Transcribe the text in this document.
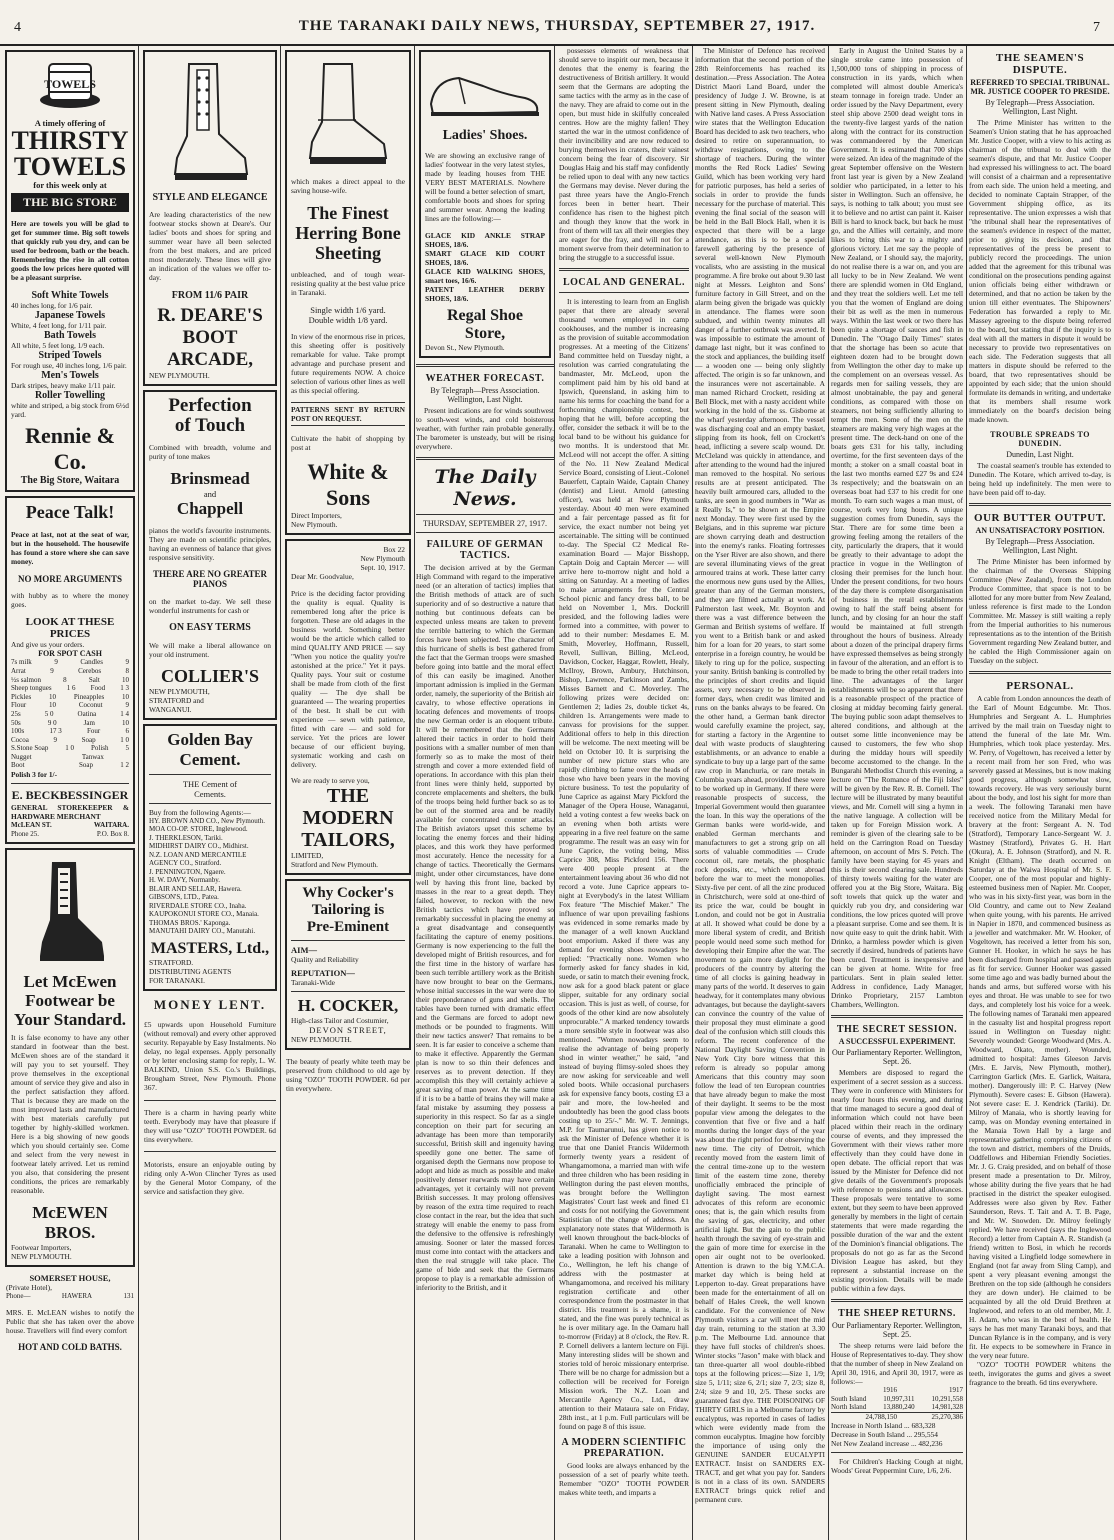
4	THE TARANAKI DAILY NEWS, THURSDAY, SEPTEMBER 27, 1917.	7
TOWELS
A timely offering of
THIRSTY
TOWELS
for this week only at
THE BIG STORE

Here are towels you will be glad to get for summer time. Big soft towels that quickly rub you dry, and can be used for bedroom, bath or the beach. Remembering the rise in all cotton goods the low prices here quoted will be a pleasant surprise.

Soft White Towels
40 inches long, for 1/6 pair.
Japanese Towels
White, 4 feet long, for 1/11 pair.
Bath Towels
All white, 5 feet long, 1/9 each.
Striped Towels
For rough use, 40 inches long, 1/6 pair.
Men's Towels
Dark stripes, heavy make 1/11 pair.
Roller Towelling
white and striped, a big stock from 6½d yard.
Rennie & Co.
The Big Store, Waitara
Peace Talk!

Peace at last, not at the seat of war, but in the household. The housewife has found a store where she can save money.

NO MORE ARGUMENTS

with hubby as to where the money goes.

LOOK AT THESE PRICES
And give us your orders.
FOR SPOT CASH
7s milk	9	Candles	9
Arrat	9	Cerebos	8
½s salmon	8	Salt	10
Sheep tongues 1 6 Food 1 3
Pickles	10	Pineapples	10
Flour	10	Coconut	9
25s	5 0	Oatina	1 4
50s	9 0	Jam	10
100s	17 3	Four	6
Cocoa	9	Soap	1 0
S.Stone Soap 1 0 Polish 5
Nugget	Tanwax
Boot	Soap	1 2
Polish 3 for 1/-
E. BECKBESSINGER
GENERAL STOREKEEPER & HARDWARE MERCHANT
McLEAN ST.	WAITARA.
Phone 25.	P.O. Box 8.
Let McEwen
Footwear be
Your Standard.

It is false economy to have any other standard in footwear than the best. McEwen shoes are of the standard it will pay you to set yourself. They prove themselves in the exceptional amount of service they give and also in the perfect satisfaction they afford. That is because they are made on the most improved lasts and manufactured with best materials carefully put together by highly-skilled workmen. Here is a big showing of new goods which you should certainly see. Come and select from the very newest in footwear lately arrived. Let us remind you also, that considering the present conditions, the prices are remarkably reasonable.

McEWEN BROS.
Footwear Importers,
NEW PLYMOUTH.
SOMERSET HOUSE,
(Private Hotel),
Phone—	HAWERA	131

MRS. E. McLEAN wishes to notify the Public that she has taken over the above house. Travellers will find every comfort

HOT AND COLD BATHS.
STYLE AND ELEGANCE

Are leading characteristics of the new footwear stocks shown at Deare's. Our ladies' boots and shoes for spring and summer wear have all been selected from the best makers, and are priced most moderately. These lines will give an indication of the values we offer to-day.

FROM 11/6 PAIR
R. DEARE'S
BOOT
ARCADE,
NEW PLYMOUTH.
Perfection
of Touch

Combined with breadth, volume and purity of tone makes

Brinsmead
and
Chappell

pianos the world's favourite instruments. They are made on scientific principles, having an evenness of balance that gives responsive sensitivity.

THERE ARE NO GREATER PIANOS

on the market to-day. We sell these wonderful instruments for cash or

ON EASY TERMS

We will make a liberal allowance on your old instrument.

COLLIER'S
NEW PLYMOUTH,
STRATFORD and
WANGANUI.
Golden Bay
Cement.
THE Cement of
Cements.
Buy from the following Agents:—
HY. BROWN AND CO., New Plymouth.
MOA CO-OP. STORE, Inglewood.
J. THERKLESON, Tariki.
MIDHIRST DAIRY CO., Midhirst.
N.Z. LOAN AND MERCANTILE AGENCY CO., Stratford.
J. PENNINGTON, Ngaere.
H. W. DAVY, Normanby.
BLAIR AND SELLAR, Hawera.
GIBSON'S, LTD., Patea.
RIVERDALE STORE CO., Inaha.
KAUPOKONUI STORE CO., Manaia.
THOMAS BROS.' Kaponga.
MANUTAHI DAIRY CO., Manutahi.
MASTERS, Ltd.,
STRATFORD.
DISTRIBUTING AGENTS
FOR TARANAKI.
MONEY LENT.

£5 upwards upon Household Furniture (without removal) and every other approved security. Repayable by Easy Instalments. No delay, no legal expenses. Apply personally or by letter enclosing stamp for reply, L. W. BALKIND, Union S.S. Co.'s Buildings, Brougham Street, New Plymouth. Phone 367.

There is a charm in having pearly white teeth. Everybody may have that pleasure if they will use "OZO" TOOTH POWDER. 6d tins everywhere.

Motorists, ensure an enjoyable outing by riding only A-Won Clincher Tyres as used by the General Motor Company, of the service and satisfaction they give.

which makes a direct appeal to the saving house-wife.

The Finest
Herring Bone
Sheeting

unbleached, and of tough wear-resisting quality at the best value price in Taranaki.

Single width 1/6 yard.
Double width 1/8 yard.

In view of the enormous rise in prices, this sheeting offer is positively remarkable for value. Take prompt advantage and purchase present and future requirements NOW. A choice selection of various other lines as well as this special offering.

PATTERNS SENT BY RETURN POST ON REQUEST.

Cultivate the habit of shopping by post at

White & Sons
Direct Importers,
New Plymouth.
Box 22
New Plymouth
Sept. 10, 1917.
Dear Mr. Goodvalue,

Price is the deciding factor providing the quality is equal. Quality is remembered long after the price is forgotten. These are old adages in the business world. Something better would be the article which called to mind QUALITY AND PRICE — say "When you notice the quality you're astonished at the price." Yet it pays. Quality pays. Your suit or costume shall be made from cloth of the first quality — The dye shall be guaranteed — The wearing properties of the best. It shall be cut with experience — sewn with patience, fitted with care — and sold for service. Yet the prices are lower because of our efficient buying, systematic working and cash on delivery.

We are ready to serve you,
THE
MODERN
TAILORS,
LIMITED,
Stratford and New Plymouth.
Why Cocker's
Tailoring is
Pre-Eminent
AIM—
Quality and Reliability
REPUTATION—
Taranaki-Wide
H. COCKER,
High-class Tailor and Costumier,
DEVON STREET,
NEW PLYMOUTH.

The beauty of pearly white teeth may be preserved from childhood to old age by using "OZO" TOOTH POWDER. 6d per tin everywhere.

Ladies' Shoes.

We are showing an exclusive range of ladies' footwear in the very latest styles, made by leading houses from THE VERY BEST MATERIALS. Nowhere will be found a better selection of smart, comfortable boots and shoes for spring and summer wear. Among the leading lines are the following:—

GLACE KID ANKLE STRAP SHOES, 18/6.
SMART GLACE KID COURT SHOES, 18/6.
GLACE KID WALKING SHOES, smart toes, 16/6.
PATENT LEATHER DERBY SHOES, 18/6.
Regal Shoe Store,
Devon St., New Plymouth.
WEATHER FORECAST.
By Telegraph—Press Association. Wellington, Last Night.

Present indications are for winds southwest to south-west winds, and cold boisterous weather, with further rain probable generally. The barometer is unsteady, but will be rising everywhere.

The Daily News.
THURSDAY, SEPTEMBER 27, 1917.
FAILURE OF GERMAN TACTICS.

The decision arrived at by the German High Command with regard to the imperative need (or an alteration of tactics) implies that the British methods of attack are of such superiority and of so destructive a nature that nothing but continuous defeats can be expected unless means are taken to prevent the terrible battering to which the German forces have been subjected. The character of this hurricane of shells is best gathered from the fact that the German troops were smashed before going into battle and the moral effect of this can easily be imagined. Another important admission is implied in the German order, namely, the superiority of the British air cavalry, to whose effective operations in locating defences and movements of troops the new German order is an eloquent tribute. It will be remembered that the Germans altered their tactics in order to hold their positions with a smaller number of men than formerly so as to make the most of their strength and cover a more extended field of operations. In accordance with this plan their front lines were thinly held, supported by concrete emplacements and shelters, the bulk of the troops being held further back so as to be out of the stormed area and be readily available for concentrated counter attacks. The British aviators upset this scheme by locating the enemy forces and their hiding places, and this work they have performed most accurately. Hence the necessity for a change of tactics. Theoretically the Germans might, under other circumstances, have done well by having this front line, backed by masses in the rear to a great depth. They failed, however, to reckon with the new British tactics which have proved so remarkably successful in placing the enemy at a great disadvantage and consequently facilitating the capture of enemy positions. Germany is now experiencing to the full the developed might of British resources, and for the first time in the history of warfare has been such terrible artillery work as the British have now brought to bear on the Germans, whose initial successes in the war were due to their preponderance of guns and shells. The tables have been turned with dramatic effect and the Germans are forced to adopt new methods or be pounded to fragments. Will their new tactics answer? That remains to be seen. It is far easier to conceive a scheme than to make it effective. Apparently the German plan is now to so thin their defences and reserves as to prevent detection. If they accomplish this they will certainly achieve a great saving of man power. At the same time if it is to be a battle of brains they will make a fatal mistake by assuming they possess a superiority in this respect. So far as a single conception on their part for securing an advantage has been more than temporarily successful, British skill and ingenuity having speedily gone one better. The same of organised depth the Germans now propose to adopt and hide as much as possible and make positively denser rearwards may have certain advantages, yet it certainly will not prevent British successes. It may prolong offensives by reason of the extra time required to reach close contact in the rear, but the idea that such strategy will enable the enemy to pass from the defensive to the offensive is refreshingly amusing. Sooner or later the massed forces must come into contact with the attackers and then the real struggle will take place. The game of bide and seek that the Germans propose to play is a remarkable admission of inferiority to the British, and it

possesses elements of weakness that should serve to inspirit our men, because it denotes that the enemy is fearing the destructiveness of British artillery. It would seem that the Germans are adopting the same tactics with the army as in the case of the navy. They are afraid to come out in the open, but must hide in skilfully concealed centres. How are the mighty fallen! They started the war in the utmost confidence of their invincibility and are now reduced to burying themselves in craters, their vainest concern being the fear of discovery. Sir Douglas Haig and his staff may confidently be relied upon to deal with any new tactics the Germans may devise. Never during the past three years have the Anglo-French forces been in better heart. Their confidence has risen to the highest pitch and though they know that the work in front of them will tax all their energies they are eager for the fray, and will not for a moment swerve from their determination to bring the struggle to a successful issue.

LOCAL AND GENERAL.

It is interesting to learn from an English paper that there are already several thousand women employed in camp cookhouses, and the number is increasing as the provision of suitable accommodation progresses. At a meeting of the Citizens' Band committee held on Tuesday night, a resolution was carried congratulating the bandmaster, Mr. McLeod, upon the compliment paid him by his old band at Ipswich, Queensland, in asking him to name his terms for coaching the band for a forthcoming championship contest, but hoping that he will, before accepting the offer, consider the setback it will be to the local band to be without his guidance for two months. It is understood that Mr. McLeod will not accept the offer. A sitting of the No. 11 New Zealand Medical Service Board, consisting of Lieut.-Colonel Bauerfett, Captain Waide, Captain Chaney (dentist) and Lieut. Arnold (attesting officer), was held at New Plymouth yesterday. About 40 men were examined and a fair percentage passed as fit for service, the exact number not being yet ascertainable. The sitting will be continued to-day. The Special C2 Medical Re-examination Board — Major Bisshopp, Captain Doig and Captain Mercer — will arrive here to-morrow night and hold a sitting on Saturday. At a meeting of ladies to make arrangements for the Central School picnic and fancy dress ball, to be held on November 1, Mrs. Dockrill presided, and the following ladies were formed into a committee, with power to add to their number: Mesdames E. M. Smith, Moverley, Hoffmann, Russell, Revell, Sullivan, Billing, McLeod, Davidson, Cocker, Haggar, Rowlett, Healy, McIlroy, Brown, Ambury, Hutchinson, Bishop, Lawrence, Parkinson and Zambs, Misses Barnett and C. Moverley. The following prizes were decided on: Gentlemen 2; ladies 2s, double ticket 4s, children 1s. Arrangements were made to canvass for provisions for the supper. Additional offers to help in this direction will be welcome. The next meeting will be held on October 10. It is surprising the number of new picture stars who are rapidly climbing to fame over the heads of those who have been years in the moving picture business. To test the popularity of June Caprice as against Mary Pickford the Manager of the Opera House, Wanaganui, held a voting contest a few weeks back on an evening when both artists were appearing in a five reel feature on the same programme. The result was an easy win for June Caprice, the voting being, Miss Caprice 308, Miss Pickford 156. There were 400 people present at the entertainment leaving about 36 who did not record a vote. June Caprice appears to-night at Everybody's in the latest William Fox feature "The Mischief Maker." The influence of war upon prevailing fashions was evidenced in some remarks made by the manager of a well known Auckland boot emporium. Asked if there was any demand for evening shoes nowadays he replied: "Practically none. Women who formerly asked for fancy shades in kid, suede, or satin to match their evening frock, now ask for a good black patent or glace slipper, suitable for any ordinary social occasion. This is just as well, of course, for goods of the other kind are now absolutely unprocurable." A marked tendency towards a more sensible style in footwear was also mentioned. "Women nowadays seem to realise the advantage of being properly shod in winter weather," he said, "and instead of buying flimsy-soled shoes they are now asking for serviceable and well soled boots. While occasional purchasers ask for expensive fancy boots, costing £3 a pair and more, the low-heeled and undoubtedly has been the good class boots costing up to 25/-." Mr. W. T. Jennings, M.P. for Taumarunui, has given notice to ask the Minister of Defence whether it is true that one Daniel Francis Wildermoth formerly twenty years a resident of Whangamomona, a married man with wife and three children who has been residing in Wellington during the past eleven months, was brought before the Wellington Magistrates' Court last week and fined £1 and costs for not notifying the Government Statistician of the change of address. An explanatory note states that Wildermoth is well known throughout the back-blocks of Taranaki. When he came to Wellington to take a leading position with Johnson and Co., Wellington, he left his change of address with the postmaster at Whangamomona, and received his military registration certificate and other correspondence from the postmaster in that district. His treatment is a shame, it is stated, and the fine was purely technical as he is over military age. In the Oamaru hall to-morrow (Friday) at 8 o'clock, the Rev. R. P. Cornell delivers a lantern lecture on Fiji. Many interesting slides will be shown and stories told of heroic missionary enterprise. There will be no charge for admission but a collection will be received for Foreign Mission work. The N.Z. Loan and Mercantile Agency Co., Ltd., draw attention to their Mataura sale on Friday, 28th inst., at 1 p.m. Full particulars will be found on page 8 of this issue.

A MODERN SCIENTIFIC PREPARATION.

Good looks are always enhanced by the possession of a set of pearly white teeth. Remember "OZO" TOOTH POWDER makes white teeth, and imparts a

The Minister of Defence has received information that the second portion of the 28th Reinforcements has reached its destination.—Press Association. The Aotea District Maori Land Board, under the presidency of Judge J. W. Browne, is at present sitting in New Plymouth, dealing with Native land cases. A Press Association wire states that the Wellington Education Board has decided to ask two teachers, who desired to retire on superannuation, to withdraw resignations, owing to the shortage of teachers. During the winter months the Red Rock Ladies' Sewing Guild, which has been working very hard for patriotic purposes, has held a series of socials in order to provide the funds necessary for the purchase of material. This evening the final social of the season will be held in the Ball Block Hall, when it is expected that there will be a large attendance, as this is to be a special farewell gathering by the presence of several well-known New Plymouth vocalists, who are assisting in the musical programme. A fire broke out about 9.30 last night at Messrs. Leighton and Sons' furniture factory in Gill Street, and on the alarm being given the brigade was quickly in attendance. The flames were soon subdued, and within twenty minutes all danger of a further outbreak was averted. It was impossible to estimate the amount of damage last night, but it was confined to the stock and appliances, the building itself — a wooden one — being only slightly affected. The origin is so far unknown, and the insurances were not ascertainable. A man named Richard Crockett, residing at Bell Block, met with a nasty accident while working in the hold of the ss. Gisborne at the wharf yesterday afternoon. The vessel was discharging coal and an empty basket, slipping from its hook, fell on Crockett's head, inflicting a severe scalp wound. Dr. McCleland was quickly in attendance, and after attending to the wound had the injured man removed to the hospital. No serious results are at present anticipated. The heavily built armoured cars, alluded to the tanks, are seen in good numbers in "War as it Really Is," to be shown at the Empire next Monday. They were first used by the Belgians, and in this supreme war picture are shown carrying death and destruction into the enemy's ranks. Floating fortresses on the Yser River are also shown, and there are several illuminating views of the great armoured trains at work. These latter carry the enormous new guns used by the Allies, greater than any of the German monsters, and they are filmed actually at work. At Palmerston last week, Mr. Boynton and there was a vast difference between the German and British systems of welfare. If you went to a British bank or and asked him for a loan for 20 years, to start some enterprise in a foreign country, he would be likely to ring up for the police, suspecting your sanity. British banking is controlled by the principles of short credits and liquid assets, very necessary to be observed in former days, when credit was limited and runs on the banks always to be feared. On the other hand, a German bank director would carefully examine the project, say, for starting a factory in the Argentine to deal with waste products of slaughtering establishments, or an advance to enable a syndicate to buy up a large part of the same raw crop in Manchuria, or rare metals in Columbia years ahead, provided these were to be worked up in Germany. If there were reasonable prospects of success, the Imperial Government would then guarantee the loan. In this way the operations of the German banks were world-wide, and enabled German merchants and manufacturers to get a strong grip on all sorts of valuable commodities — Crude coconut oil, rare metals, the phosphatic rock deposits, etc., which went abroad before the war to meet the monopolies. Sixty-five per cent. of all the zinc produced in Christchurch, were sold at one-third of its price the war, could be bought in London, and could not be got in Australia at all. It showed what could be done by a more liberal system of credit, and British people would need some such method for developing their Empire after the war. The movement to gain more daylight for the producers of the country by altering the time of all clocks is gaining headway in many parts of the world. It deserves to gain headway, for it contemplates many obvious advantages, but because the daylight-savers can convince the country of the value of their proposal they must eliminate a good deal of the confusion which still clouds this reform. The recent conference of the National Daylight Saving Convention in New York City bore witness that this reform is already so popular among Americans that this country may soon follow the lead of ten European countries that have already begun to make the most of their daylight. It seems to be the most popular view among the delegates to the convention that five or five and a half months during the longer days of the year was about the right period for observing the new time. The city of Detroit, which recently moved from the eastern limit of the central time-zone up to the western limit of the eastern time zone, thereby unofficially embraced the principle of daylight saving. The most earnest advocates of this reform are economic ones; that is, the gain which results from the saving of gas, electricity, and other artificial light. But the gain to the public health through the saving of eye-strain and the gain of more time for exercise in the open air ought not to be overlooked. Attention is drawn to the big Y.M.C.A. market day which is being held at Lepperton to-day. Great preparations have been made for the entertainment of all on behalf of Hales Creek, the well known candidate. For the convenience of New Plymouth visitors a car will meet the mid day train, returning to the station at 3.30 p.m. The Melbourne Ltd. announce that they have full stocks of children's shoes. Winter stocks "Jason" make with black and tan three-quarter all wool double-ribbed tops at the following prices:—Size 1, 1/9; size 5, 1/11; size 6, 2/1; size 7, 2/3; size 8, 2/4; size 9 and 10, 2/5. These socks are guaranteed fast dye. THE POISONING OF THIRTY GIRLS in a Melbourne factory by eucalyptus, was reported in cases of ladies which were evidently made from the common eucalyptus. Imagine how forcibly the importance of using only the GENUINE SANDER EUCALYPTI EXTRACT. Insist on SANDERS EX-TRACT, and get what you pay for. Sanders is not in a class of its own. SANDERS EXTRACT brings quick relief and permanent cure.

Early in August the United States by a single stroke came into possession of 1,500,000 tons of shipping in process of construction in its yards, which when completed will almost double America's steam tonnage in foreign trade. Under an order issued by the Navy Department, every steel ship above 2500 dead weight tons in the twenty-five largest yards of the nation along with the contract for its construction was commandeered by the American Government. It is estimated that 700 ships were seized. An idea of the magnitude of the great September offensive on the Western front last year is given by a New Zealand soldier who participated, in a letter to his sister in Wellington. Such an offensive, he says, is nothing to talk about; you must see it to believe and no artist can paint it. Kaiser Bill is hard to knock back, but back he must go, and the Allies will certainly, and more likes to bring this war to a mighty and glorious victory. Let me say the people of New Zealand, or I should say, the majority, do not realise there is a war on, and you are all lucky to be in New Zealand. We went there are splendid women in Old England, and they treat the soldiers well. Let me tell you that the women of England are doing their bit as well as the men in numerous ways. Within the last week or two there has been quite a shortage of sauces and fish in Dunedin. The "Otago Daily Times" states that the shortage has been so acute that eighteen dozen had to be brought down from Wellington the other day to make up the complement on an overseas vessel. As regards men for sailing vessels, they are almost unobtainable, the pay and general conditions, as compared with those on steamers, not being sufficiently alluring to tempt the men. Some of the men on the steamers are making very high wages at the present time. The deck-hand on one of the boats gets £31 for his tally, including overtime, for the first seventeen days of the month; a stoker on a small coastal boat in the last two months earned £27 9s and £24 3s respectively; and the boatswain on an overseas boat had £37 to his credit for one month. To earn such wages a man must, of course, work very long hours. A unique suggestion comes from Dunedin, says the Star. There are for some time been a growing feeling among the retailers of the city, particularly the drapers, that it would be greatly to their advantage to adopt the practice in vogue in the Wellington of closing their premises for the lunch hour. Under the present conditions, for two hours of the day there is complete disorganisation of business in the retail establishments owing to half the staff being absent for lunch, and by closing for an hour the staff would be maintained at full strength throughout the hours of business. Already about a dozen of the principal drapery firms have expressed themselves as being strongly in favour of the alteration, and an effort is to be made to bring the other retail traders into line. The advantages of the larger establishments will be so apparent that there is a reasonable prospect of the practice of closing at midday becoming fairly general. The buying public soon adapt themselves to altered conditions, and although at the outset some little inconvenience may be caused to customers, the few who shop during the midday hours will speedily become accustomed to the change. In the Bungarahi Methodist Church this evening, a lecture on "The Romance of the Fiji Isles" will be given by the Rev. R. B. Cornell. The lecture will be illustrated by many beautiful views, and Mr. Cornell will sing a hymn in the native language. A collection will be taken up for Foreign Mission work. A reminder is given of the clearing sale to be held on the Carrington Road on Tuesday afternoon, on account of Mrs S. Petch. The family have been staying for 45 years and this is their second clearing sale. Hundreds of thirsty towels waiting for the water are offered you at the Big Store, Waitara. Big soft towels that quick up the water and quickly rub you dry, and considering war conditions, the low prices quoted will prove a pleasant surprise. Come and see them. It is now quite easy to quit the drink habit. With Drinko, a harmless powder which is given secretly if desired, hundreds of patients have been cured. Treatment is inexpensive and can be given at home. Write for free particulars. Sent in plain sealed letter. Address in confidence, Lady Manager, Drinko Proprietary, 2157 Lambton Chambers, Wellington.

THE SECRET SESSION.
A SUCCESSFUL EXPERIMENT.
Our Parliamentary Reporter. Wellington, Sept. 26.

Members are disposed to regard the experiment of a secret session as a success. They were in conference with Ministers for nearly four hours this evening, and during that time managed to secure a good deal of information which could not have been placed within their reach in the ordinary course of events, and they impressed the Government with their views rather more effectively than they could have done in open debate. The official report that was issued by the Minister for Defence did not give details of the Government's proposals with reference to pensions and allowances. These proposals were tentative to some extent, but they seem to have been approved generally by members in the light of certain statements that were made regarding the possible duration of the war and the extent of the Dominion's financial obligations. The proposals do not go as far as the Second Division League has asked, but they represent a substantial increase on the existing provision. Details will be made public within a few days.

THE SHEEP RETURNS.
Our Parliamentary Reporter. Wellington, Sept. 25.

The sheep returns were laid before the House of Representatives to-day. They show that the number of sheep in New Zealand on April 30, 1916, and April 30, 1917, were as follows:—

1916	1917
South Island 10,997,311 10,291,558
North Island 13,880,240 14,981,328
24,788,150	25,270,386
Increase in North Island ... 683,328
Decrease in South Island ... 295,554
Net New Zealand increase ... 482,236

For Children's Hacking Cough at night, Woods' Great Peppermint Cure, 1/6, 2/6.

THE SEAMEN'S DISPUTE.
REFERRED TO SPECIAL TRIBUNAL. MR. JUSTICE COOPER TO PRESIDE.
By Telegraph—Press Association. Wellington, Last Night.

The Prime Minister has written to the Seamen's Union stating that he has approached Mr. Justice Cooper, with a view to his acting as chairman of the tribunal to deal with the seamen's dispute, and that Mr. Justice Cooper had expressed his willingness to act. The board will consist of a chairman and a representative from each side. The union held a meeting, and decided to nominate Captain Strapper, of the Government shipping office, as its representative. The union expresses a wish that "the tribunal shall hear the representatives of the seamen's evidence in respect of the matter, prior to giving its decision, and that representatives of the press be present to publicly record the proceedings. The union added that the agreement for this tribunal was conditional on the prosecutions pending against union officials being either withdrawn or determined, and that no action be taken by the union till either eventuates. The Shipowners' Federation has forwarded a reply to Mr. Massey agreeing to the dispute being referred to the board, but stating that if the inquiry is to deal with all the matters in dispute it would be necessary to provide two representatives on each side. The Federation suggests that all matters in dispute should be referred to the board, that two representatives should be appointed by each side; that the union should formulate its demands in writing, and undertake that its members shall resume work immediately on the board's decision being made known.

TROUBLE SPREADS TO DUNEDIN.
Dunedin, Last Night.

The coastal seamen's trouble has extended to Dunedin. The Kotare, which arrived to-day, is being held up indefinitely. The men were to have been paid off to-day.

OUR BUTTER OUTPUT.
AN UNSATISFACTORY POSITION.
By Telegraph—Press Association. Wellington, Last Night.

The Prime Minister has been informed by the chairman of the Overseas Shipping Committee (New Zealand), from the London Produce Committee, that space is not to be allotted for any more butter from New Zealand, unless reference is first made to the London Committee. Mr. Massey is still waiting a reply from the Imperial authorities to his numerous representations as to the intention of the British Government regarding New Zealand butter, and he cabled the High Commissioner again on Tuesday on the subject.

PERSONAL.

A cable from London announces the death of the Earl of Mount Edgcumbe. Mr. Thos. Humphries and Sergeant A. L. Humphries arrived by the mail train on Tuesday night to attend the funeral of the late Mr. Wm. Humphries, which took place yesterday. Mrs. W. Perry, of Vogeltown, has received a letter by a recent mail from her son Fred, who was severely gassed at Messines, but is now making good progress, although somewhat slow, towards recovery. He was very seriously burnt about the body, and lost his sight for more than a week. The following Taranaki men have received notice from the Military Medal for bravery at the front: Sergeant A. N. Tod (Stratford), Temporary Lance-Sergeant W. J. Wastney (Stratford), Privates G. H. Hart (Okura), A. E. Johnson (Stratford), and N. R. Knight (Eltham). The death occurred on Saturday at the Waiwa Hospital of Mr. S. F. Cooper, one of the most popular and highly-esteemed business men of Napier. Mr. Cooper, who was in his sixty-first year, was born in the Old Country, and came out to New Zealand when quite young, with his parents. He arrived in Napier in 1870, and commenced business as a jeweller and watchmaker. Mr. W. Hooker, of Vogeltown, has received a letter from his son, Gunner H. Hooker, in which he says he has been discharged from hospital and passed again as fit for service. Gunner Hooker was gassed some time ago and was badly burned about the hands and arms, but suffered worse with his eyes and throat. He was unable to see for two days, and completely lost his voice for a week. The following names of Taranaki men appeared in the casualty list and hospital progress report issued in Wellington on Tuesday night: Severely wounded: George Woodward (Mrs. A. Woodward, Okato, mother). Wounded, admitted to hospital: James Gleeson Jarvis (Mrs. E. Jarvis, New Plymouth, mother), Carrington Garlick (Mrs. E. Garlick, Waitara, mother). Dangerously ill: P. C. Harvey (New Plymouth). Severe cases: E. Gibson (Hawera). Not severe case: E. J. Kendrick (Tariki). Dr. Milroy of Manaia, who is shortly leaving for camp, was on Monday evening entertained in the Manaia Town Hall by a large and representative gathering comprising citizens of the town and district, members of the Druids, Oddfellows and Hibernian Friendly Societies. Mr. J. G. Craig presided, and on behalf of those present made a presentation to Dr. Milroy, whose ability during the five years that he had practised in the district the speaker eulogised. Addresses were also given by Rev. Father Saunderson, Revs. T. Tait and A. T. B. Page, and Mr. W. Snowden. Dr. Milroy feelingly replied. We have received (says the Inglewood Record) a letter from Captain A. R. Standish (a friend) written to Bosi, in which he records having visited a Lingfield lodge somewhere in England (not far away from Sling Camp), and spent a very pleasant evening amongst the Brethren on the top side (although he considers they are down under). He claimed to be acquainted by all the old Druid Brethren at Inglewood, and refers to an old member, Mr. J. H. Adam, who was in the best of health. He says he has met many Taranaki boys, and that Duncan Rylance is in the company, and is very fit. He expects to be somewhere in France in the very near future.

"OZO" TOOTH POWDER whitens the teeth, invigorates the gums and gives a sweet fragrance to the breath. 6d tins everywhere.
